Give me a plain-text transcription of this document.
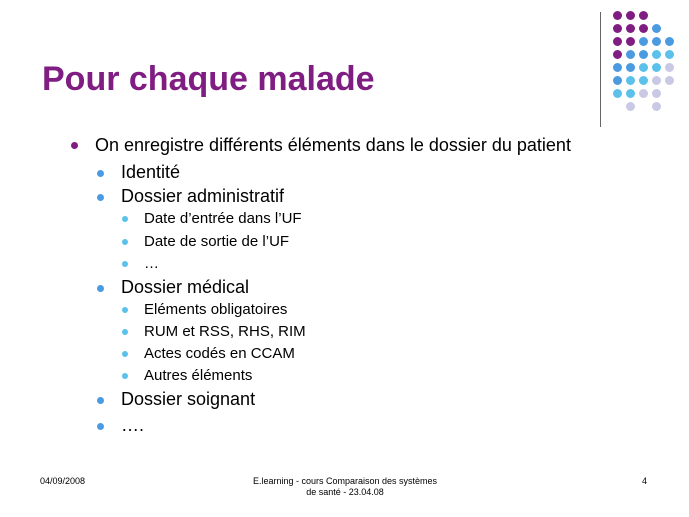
Pour chaque malade
On enregistre différents éléments dans le dossier du patient
Identité
Dossier administratif
Date d’entrée dans l’UF
Date de sortie de l’UF
…
Dossier médical
Eléments obligatoires
RUM et RSS, RHS, RIM
Actes codés en CCAM
Autres éléments
Dossier soignant
….
04/09/2008	E.learning - cours Comparaison des systèmes
de santé - 23.04.08
4
